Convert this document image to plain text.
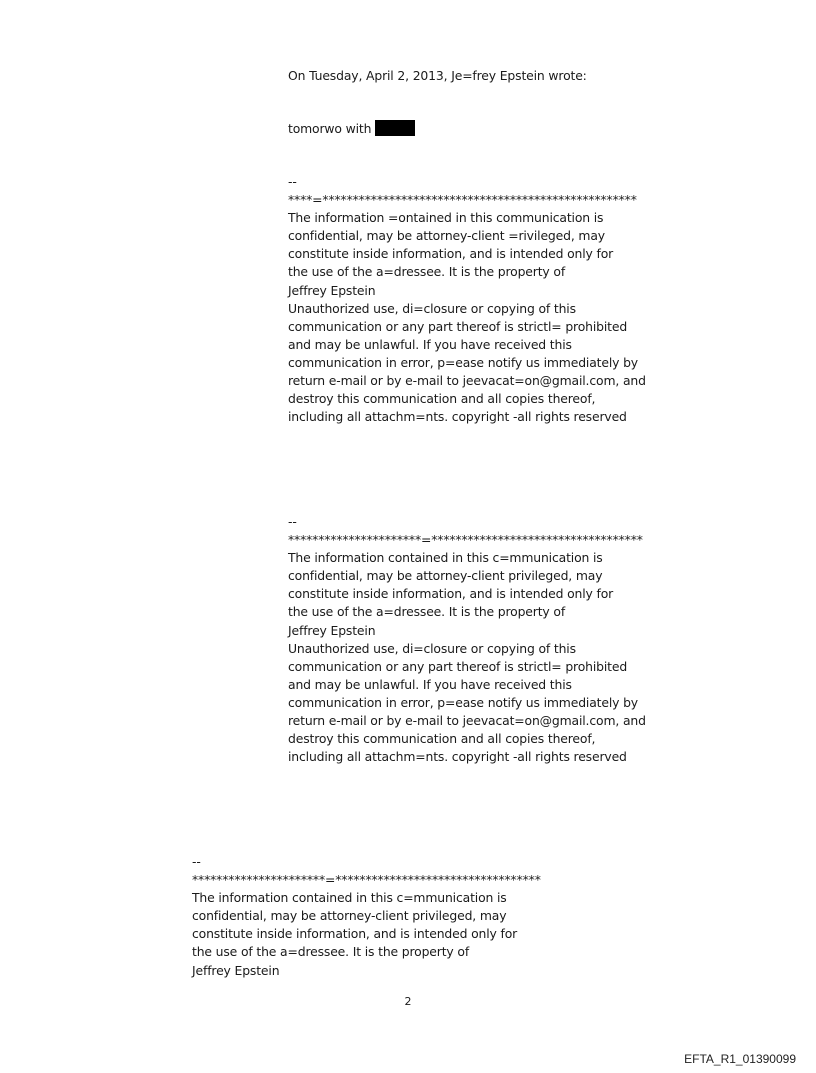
On Tuesday, April 2, 2013, Je=frey Epstein wrote:
tomorwo with
--
****=****************************************************
The information =ontained in this communication is
confidential, may be attorney-client =rivileged, may
constitute inside information, and is intended only for
the use of the a=dressee. It is the property of
Jeffrey Epstein
Unauthorized use, di=closure or copying of this
communication or any part thereof is strictl= prohibited
and may be unlawful. If you have received this
communication in error, p=ease notify us immediately by
return e-mail or by e-mail to jeevacat=on@gmail.com, and
destroy this communication and all copies thereof,
including all attachm=nts. copyright -all rights reserved
--
**********************=***********************************
The information contained in this c=mmunication is
confidential, may be attorney-client privileged, may
constitute inside information, and is intended only for
the use of the a=dressee. It is the property of
Jeffrey Epstein
Unauthorized use, di=closure or copying of this
communication or any part thereof is strictl= prohibited
and may be unlawful. If you have received this
communication in error, p=ease notify us immediately by
return e-mail or by e-mail to jeevacat=on@gmail.com, and
destroy this communication and all copies thereof,
including all attachm=nts. copyright -all rights reserved
--
**********************=**********************************
The information contained in this c=mmunication is
confidential, may be attorney-client privileged, may
constitute inside information, and is intended only for
the use of the a=dressee. It is the property of
Jeffrey Epstein
2
EFTA_R1_01390099
